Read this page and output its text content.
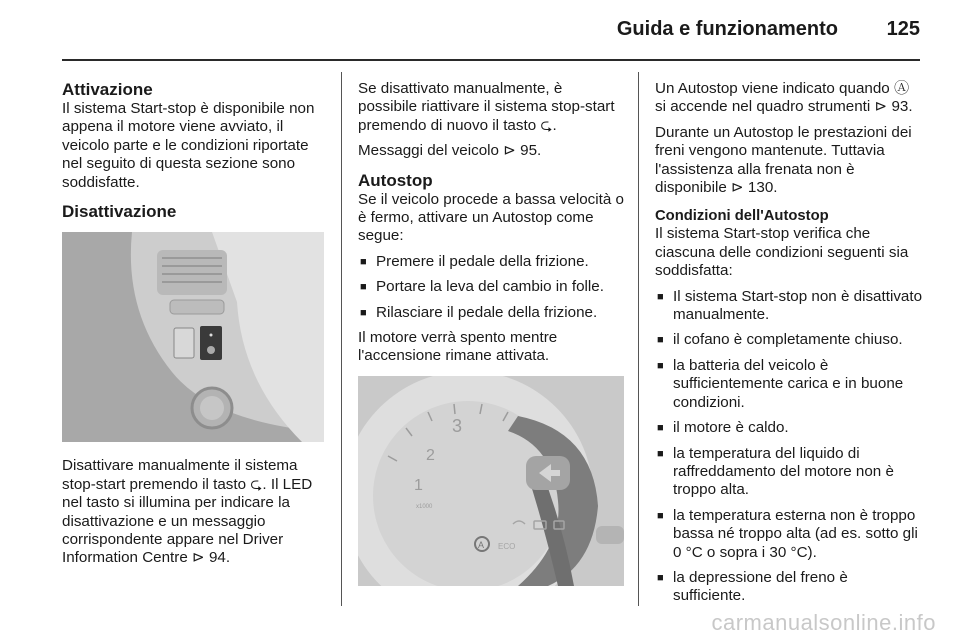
Guida e funzionamento 125
Attivazione

Il sistema Start-stop è disponibile non appena il motore viene avviato, il veicolo parte e le condizioni riportate nel seguito di questa sezione sono soddisfatte.

Disattivazione

Disattivare manualmente il sistema stop-start premendo il tasto ⮎. Il LED nel tasto si illumina per indicare la disattivazione e un messaggio corrispondente appare nel Driver Information Centre ⊳ 94.

Se disattivato manualmente, è possibile riattivare il sistema stop-start premendo di nuovo il tasto ⮎.

Messaggi del veicolo ⊳ 95.

Autostop

Se il veicolo procede a bassa velocità o è fermo, attivare un Autostop come segue:

■ Premere il pedale della frizione.
■ Portare la leva del cambio in folle.
■ Rilasciare il pedale della frizione.

Il motore verrà spento mentre l'accensione rimane attivata.

3
2
1
x1000
A ECO

Un Autostop viene indicato quando Ⓐ si accende nel quadro strumenti ⊳ 93.

Durante un Autostop le prestazioni dei freni vengono mantenute. Tuttavia l'assistenza alla frenata non è disponibile ⊳ 130.

Condizioni dell'Autostop

Il sistema Start-stop verifica che ciascuna delle condizioni seguenti sia soddisfatta:

■ Il sistema Start-stop non è disattivato manualmente.
■ il cofano è completamente chiuso.
■ la batteria del veicolo è sufficientemente carica e in buone condizioni.
■ il motore è caldo.
■ la temperatura del liquido di raffreddamento del motore non è troppo alta.
■ la temperatura esterna non è troppo bassa né troppo alta (ad es. sotto gli 0 °C o sopra i 30 °C).
■ la depressione del freno è sufficiente.
carmanualsonline.info
